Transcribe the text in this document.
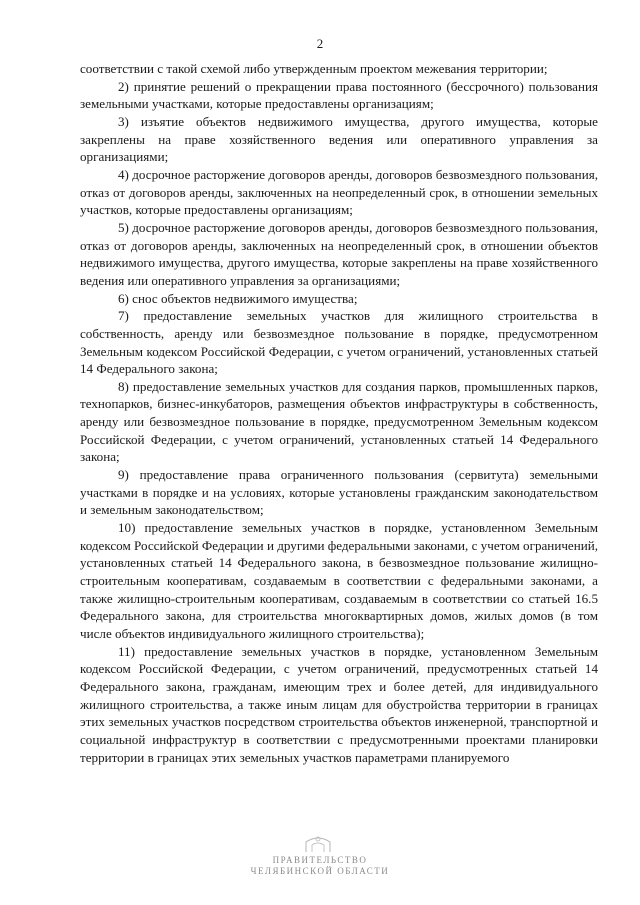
2

соответствии с такой схемой либо утвержденным проектом межевания территории;

2) принятие решений о прекращении права постоянного (бессрочного) пользования земельными участками, которые предоставлены организациям;

3) изъятие объектов недвижимого имущества, другого имущества, которые закреплены на праве хозяйственного ведения или оперативного управления за организациями;

4) досрочное расторжение договоров аренды, договоров безвозмездного пользования, отказ от договоров аренды, заключенных на неопределенный срок, в отношении земельных участков, которые предоставлены организациям;

5) досрочное расторжение договоров аренды, договоров безвозмездного пользования, отказ от договоров аренды, заключенных на неопределенный срок, в отношении объектов недвижимого имущества, другого имущества, которые закреплены на праве хозяйственного ведения или оперативного управления за организациями;

6) снос объектов недвижимого имущества;

7) предоставление земельных участков для жилищного строительства в собственность, аренду или безвозмездное пользование в порядке, предусмотренном Земельным кодексом Российской Федерации, с учетом ограничений, установленных статьей 14 Федерального закона;

8) предоставление земельных участков для создания парков, промышленных парков, технопарков, бизнес-инкубаторов, размещения объектов инфраструктуры в собственность, аренду или безвозмездное пользование в порядке, предусмотренном Земельным кодексом Российской Федерации, с учетом ограничений, установленных статьей 14 Федерального закона;

9) предоставление права ограниченного пользования (сервитута) земельными участками в порядке и на условиях, которые установлены гражданским законодательством и земельным законодательством;

10) предоставление земельных участков в порядке, установленном Земельным кодексом Российской Федерации и другими федеральными законами, с учетом ограничений, установленных статьей 14 Федерального закона, в безвозмездное пользование жилищно-строительным кооперативам, создаваемым в соответствии с федеральными законами, а также жилищно-строительным кооперативам, создаваемым в соответствии со статьей 16.5 Федерального закона, для строительства многоквартирных домов, жилых домов (в том числе объектов индивидуального жилищного строительства);

11) предоставление земельных участков в порядке, установленном Земельным кодексом Российской Федерации, с учетом ограничений, предусмотренных статьей 14 Федерального закона, гражданам, имеющим трех и более детей, для индивидуального жилищного строительства, а также иным лицам для обустройства территории в границах этих земельных участков посредством строительства объектов инженерной, транспортной и социальной инфраструктур в соответствии с предусмотренными проектами планировки территории в границах этих земельных участков параметрами планируемого

ПРАВИТЕЛЬСТВО
ЧЕЛЯБИНСКОЙ ОБЛАСТИ
